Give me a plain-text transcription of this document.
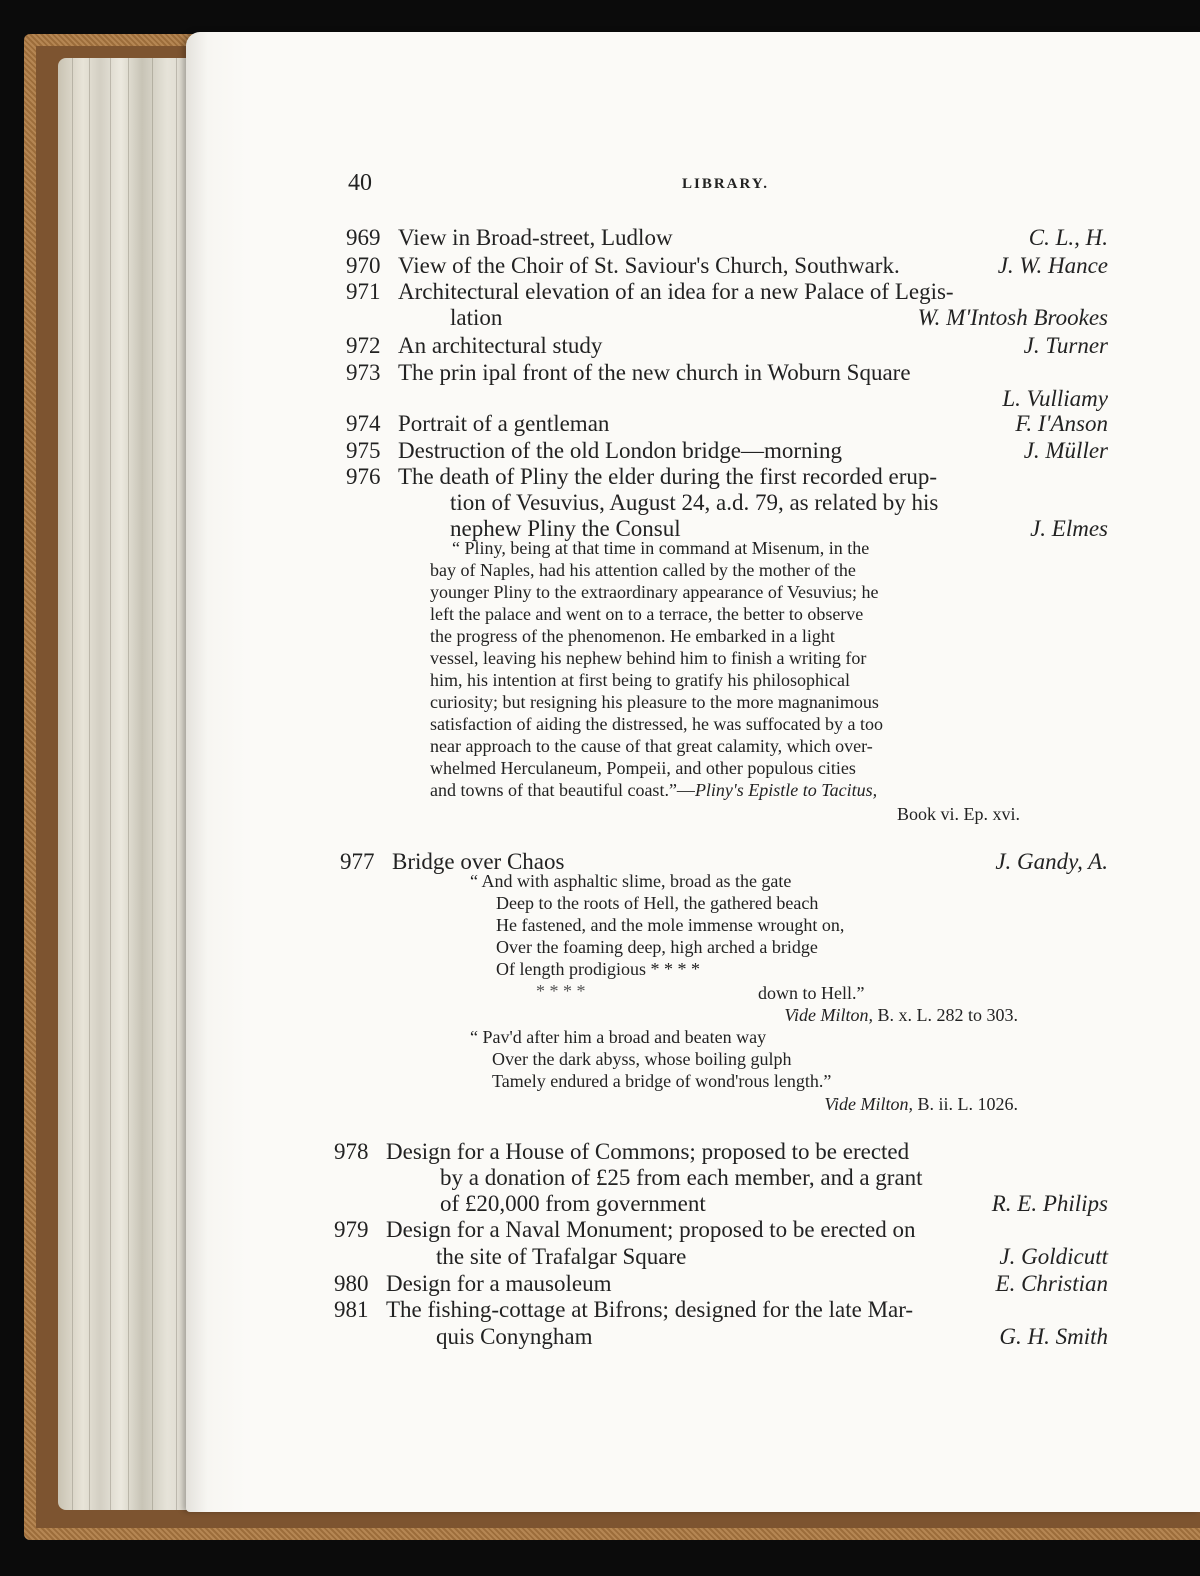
40	LIBRARY.
969 View in Broad-street, Ludlow	C. L., H.
970 View of the Choir of St. Saviour's Church, Southwark.	J. W. Hance
971 Architectural elevation of an idea for a new Palace of Legis-
lation	W. M'Intosh Brookes
972 An architectural study	J. Turner
973 The prin ipal front of the new church in Woburn Square
L. Vulliamy
974 Portrait of a gentleman	F. I'Anson
975 Destruction of the old London bridge—morning	J. Müller
976 The death of Pliny the elder during the first recorded erup-
tion of Vesuvius, August 24, a.d. 79, as related by his
nephew Pliny the Consul	J. Elmes
977 Bridge over Chaos	J. Gandy, A.
978 Design for a House of Commons; proposed to be erected
by a donation of £25 from each member, and a grant
of £20,000 from government	R. E. Philips
979 Design for a Naval Monument; proposed to be erected on
the site of Trafalgar Square	J. Goldicutt
980 Design for a mausoleum	E. Christian
981 The fishing-cottage at Bifrons; designed for the late Mar-
quis Conyngham	G. H. Smith
“ Pliny, being at that time in command at Misenum, in the
bay of Naples, had his attention called by the mother of the
younger Pliny to the extraordinary appearance of Vesuvius; he
left the palace and went on to a terrace, the better to observe
the progress of the phenomenon. He embarked in a light
vessel, leaving his nephew behind him to finish a writing for
him, his intention at first being to gratify his philosophical
curiosity; but resigning his pleasure to the more magnanimous
satisfaction of aiding the distressed, he was suffocated by a too
near approach to the cause of that great calamity, which over-
whelmed Herculaneum, Pompeii, and other populous cities
and towns of that beautiful coast.”—Pliny's Epistle to Tacitus,
Book vi. Ep. xvi.
“ And with asphaltic slime, broad as the gate
Deep to the roots of Hell, the gathered beach
He fastened, and the mole immense wrought on,
Over the foaming deep, high arched a bridge
Of length prodigious * * * *
* * * *	down to Hell.”
Vide Milton, B. x. L. 282 to 303.
“ Pav'd after him a broad and beaten way
Over the dark abyss, whose boiling gulph
Tamely endured a bridge of wond'rous length.”
Vide Milton, B. ii. L. 1026.
